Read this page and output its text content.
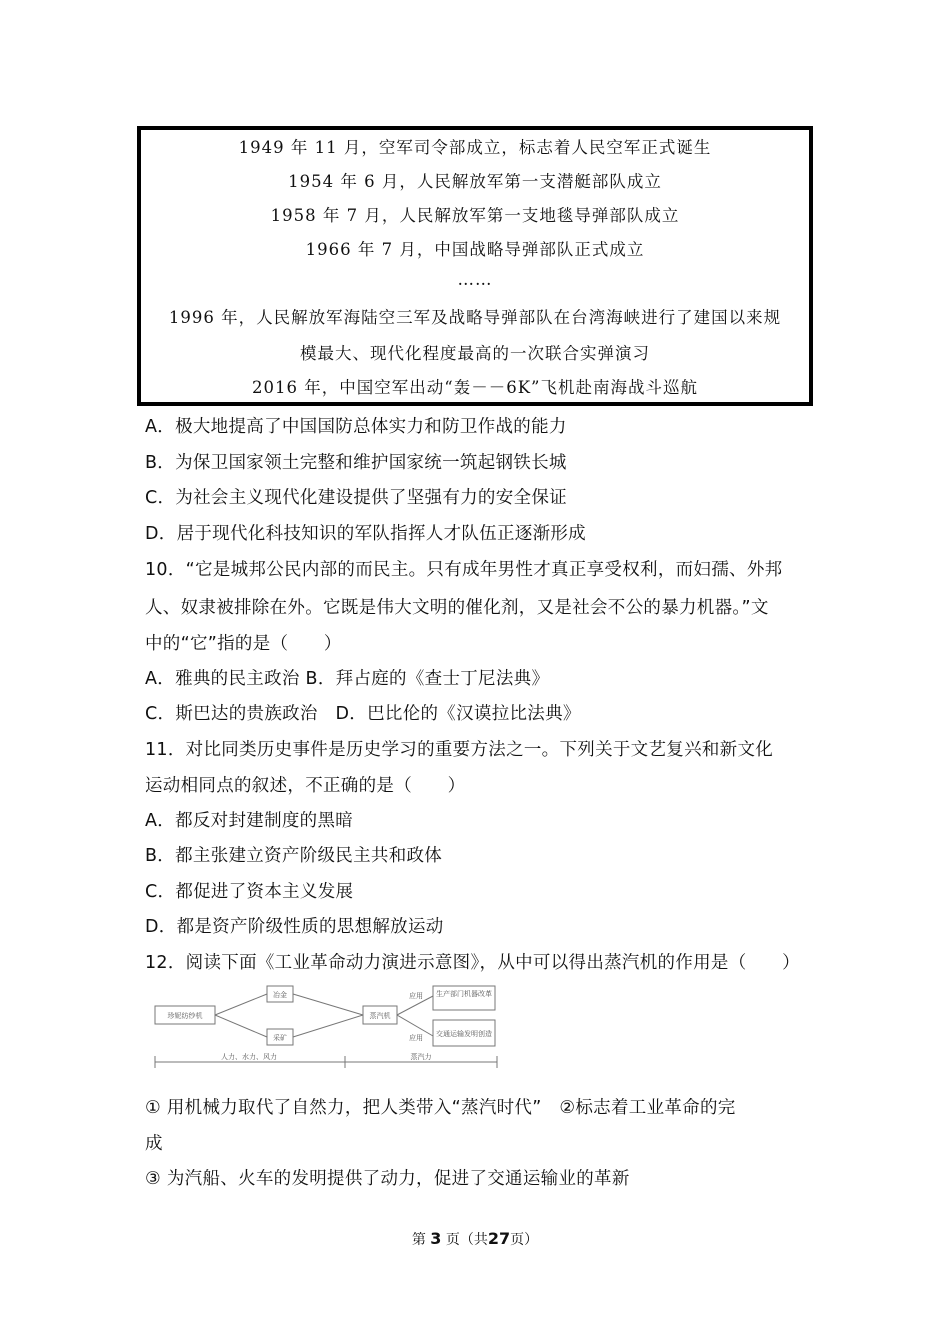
1949 年 11 月，空军司令部成立，标志着人民空军正式诞生
1954 年 6 月，人民解放军第一支潜艇部队成立
1958 年 7 月，人民解放军第一支地毯导弹部队成立
1966 年 7 月，中国战略导弹部队正式成立
……
1996 年，人民解放军海陆空三军及战略导弹部队在台湾海峡进行了建国以来规
模最大、现代化程度最高的一次联合实弹演习
2016 年，中国空军出动“轰－－6K”飞机赴南海战斗巡航
A．极大地提高了中国国防总体实力和防卫作战的能力
B．为保卫国家领土完整和维护国家统一筑起钢铁长城
C．为社会主义现代化建设提供了坚强有力的安全保证
D．居于现代化科技知识的军队指挥人才队伍正逐渐形成
10．“它是城邦公民内部的而民主。只有成年男性才真正享受权利，而妇孺、外邦
人、奴隶被排除在外。它既是伟大文明的催化剂，又是社会不公的暴力机器。”文
中的“它”指的是（　　）
A．雅典的民主政治 B．拜占庭的《查士丁尼法典》
C．斯巴达的贵族政治　D．巴比伦的《汉谟拉比法典》
11．对比同类历史事件是历史学习的重要方法之一。下列关于文艺复兴和新文化
运动相同点的叙述，不正确的是（　　）
A．都反对封建制度的黑暗
B．都主张建立资产阶级民主共和政体
C．都促进了资本主义发展
D．都是资产阶级性质的思想解放运动
12．阅读下面《工业革命动力演进示意图》，从中可以得出蒸汽机的作用是（　　）
珍妮纺纱机
冶金
采矿
蒸汽机
应用
应用
生产部门机器改革
交通运输发明创造
人力、水力、风力	蒸汽力
① 用机械力取代了自然力，把人类带入“蒸汽时代”　②标志着工业革命的完
成
③ 为汽船、火车的发明提供了动力，促进了交通运输业的革新
第 3 页（共27页）
